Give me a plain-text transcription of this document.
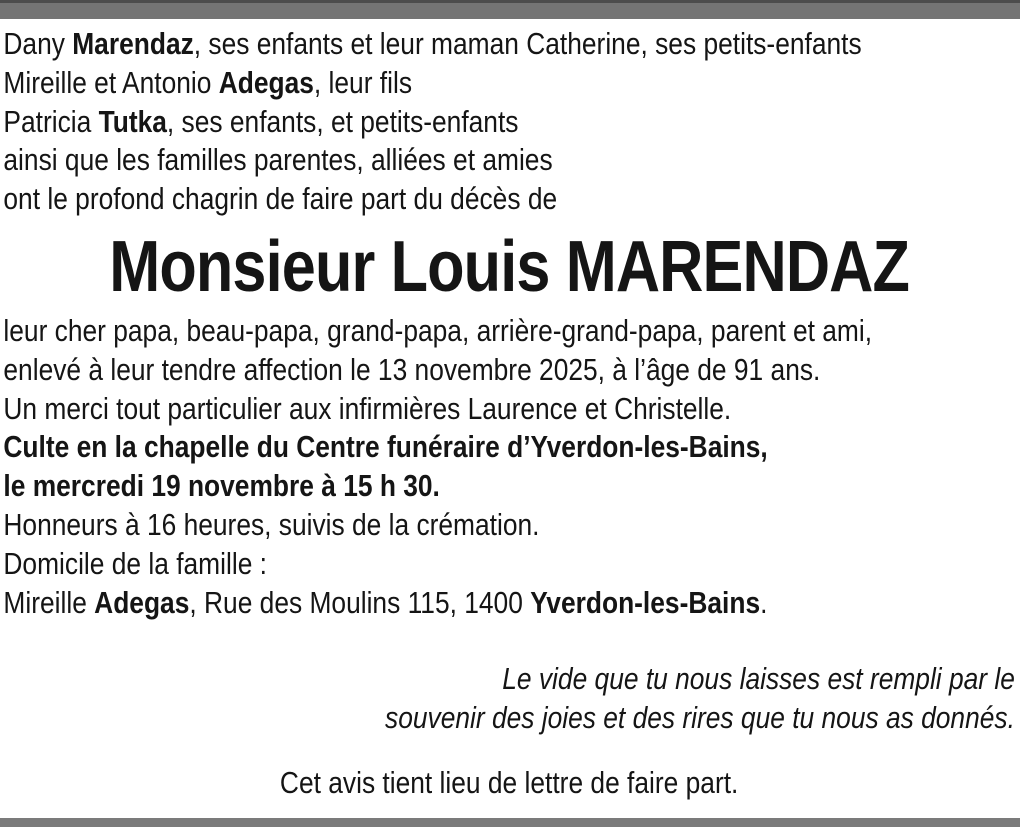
Dany Marendaz, ses enfants et leur maman Catherine, ses petits-enfants
Mireille et Antonio Adegas, leur fils
Patricia Tutka, ses enfants, et petits-enfants
ainsi que les familles parentes, alliées et amies
ont le profond chagrin de faire part du décès de
Monsieur Louis MARENDAZ
leur cher papa, beau-papa, grand-papa, arrière-grand-papa, parent et ami,
enlevé à leur tendre affection le 13 novembre 2025, à l’âge de 91 ans.
Un merci tout particulier aux infirmières Laurence et Christelle.
Culte en la chapelle du Centre funéraire d’Yverdon-les-Bains,
le mercredi 19 novembre à 15 h 30.
Honneurs à 16 heures, suivis de la crémation.
Domicile de la famille :
Mireille Adegas, Rue des Moulins 115, 1400 Yverdon-les-Bains.
Le vide que tu nous laisses est rempli par le
souvenir des joies et des rires que tu nous as donnés.
Cet avis tient lieu de lettre de faire part.
